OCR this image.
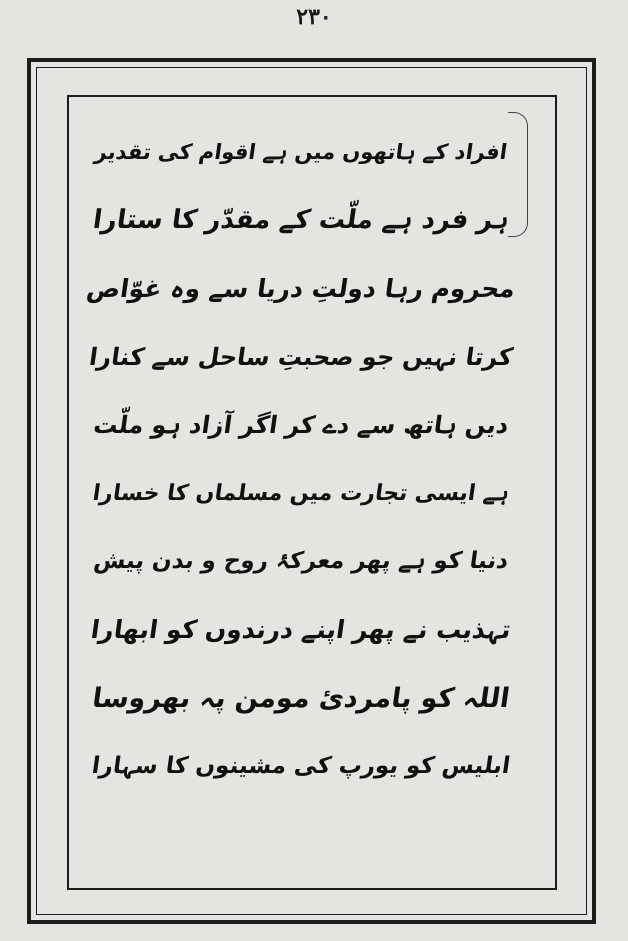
۲۳۰
افراد کے ہاتھوں میں ہے اقوام کی تقدیر
ہر فرد ہے ملّت کے مقدّر کا ستارا
محروم رہا دولتِ دریا سے وہ غوّاص
کرتا نہیں جو صحبتِ ساحل سے کنارا
دیں ہاتھ سے دے کر اگر آزاد ہو ملّت
ہے ایسی تجارت میں مسلماں کا خسارا
دنیا کو ہے پھر معرکۂ روح و بدن پیش
تہذیب نے پھر اپنے درندوں کو ابھارا
اللہ کو پامردئ مومن پہ بھروسا
ابلیس کو یورپ کی مشینوں کا سہارا
